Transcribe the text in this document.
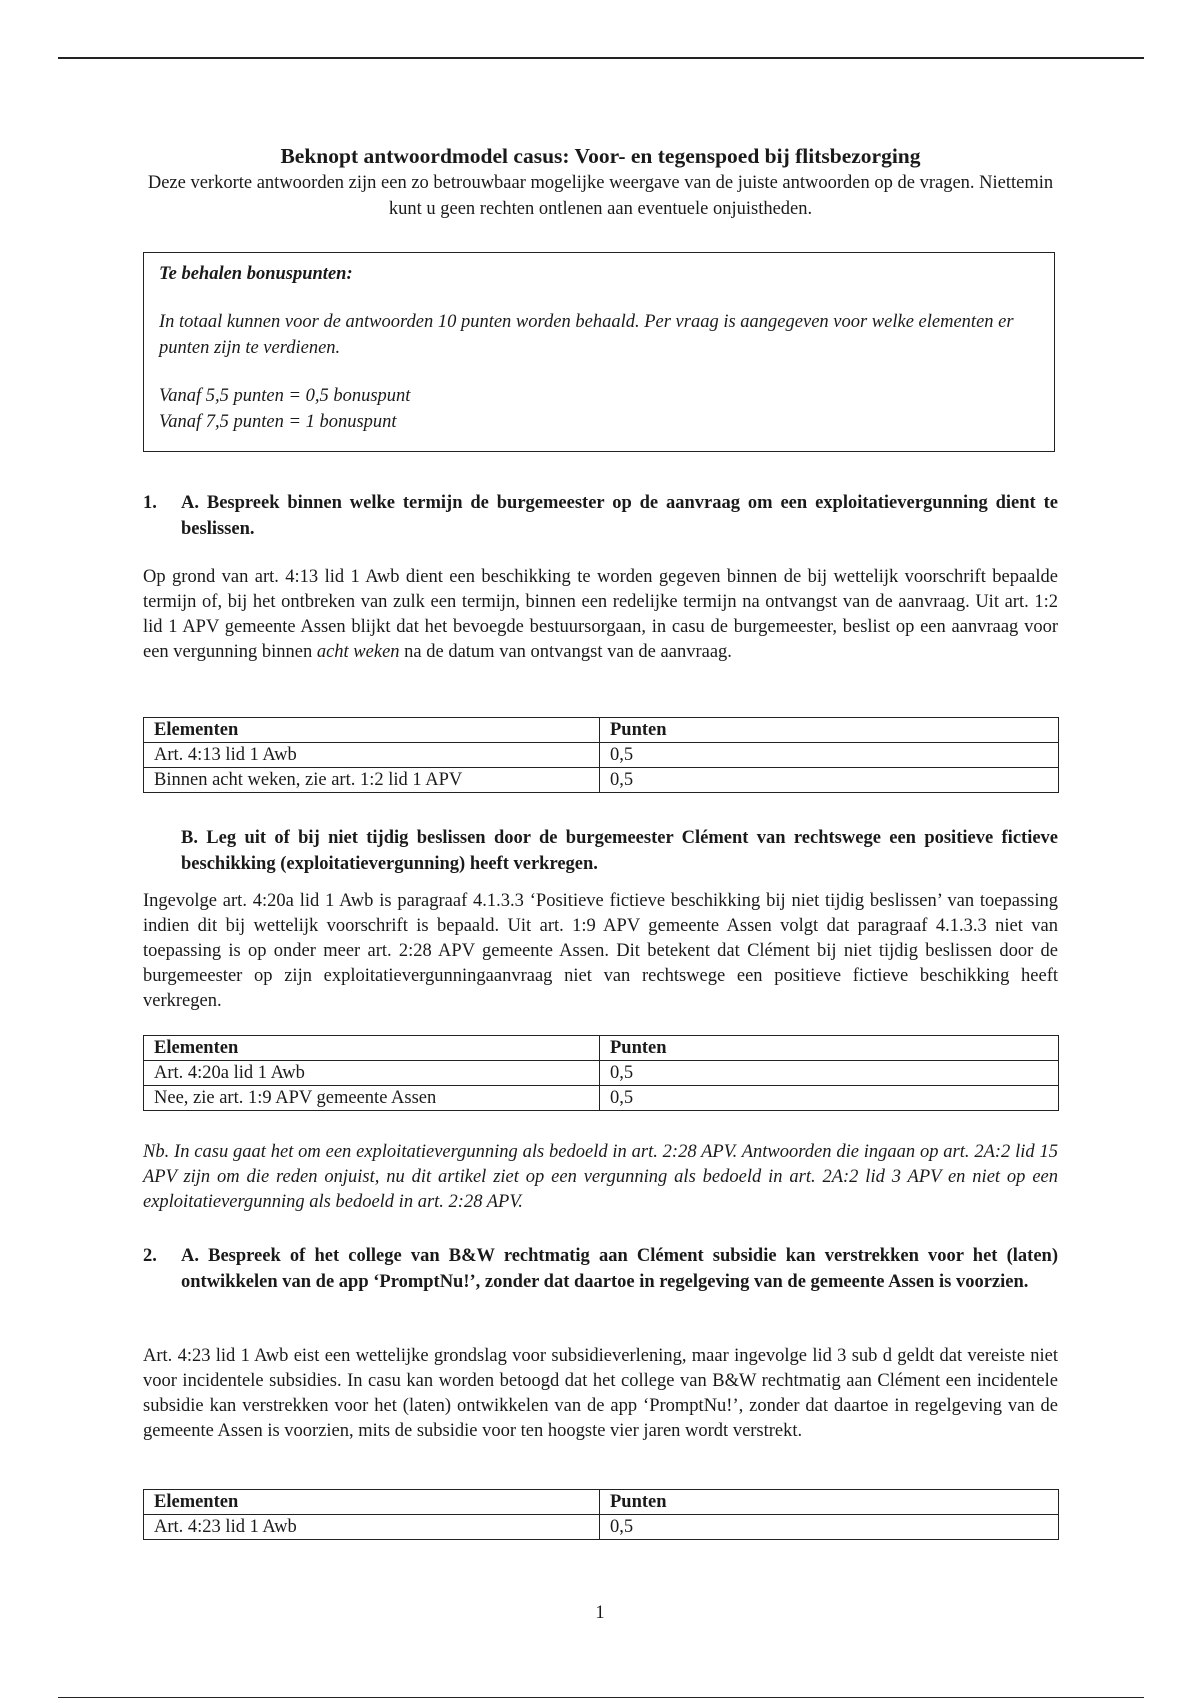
Beknopt antwoordmodel casus: Voor- en tegenspoed bij flitsbezorging
Deze verkorte antwoorden zijn een zo betrouwbaar mogelijke weergave van de juiste antwoorden op de vragen. Niettemin kunt u geen rechten ontlenen aan eventuele onjuistheden.

Te behalen bonuspunten:

In totaal kunnen voor de antwoorden 10 punten worden behaald. Per vraag is aangegeven voor welke elementen er punten zijn te verdienen.

Vanaf 5,5 punten = 0,5 bonuspunt

Vanaf 7,5 punten = 1 bonuspunt

1. A. Bespreek binnen welke termijn de burgemeester op de aanvraag om een exploitatievergunning dient te beslissen.
Op grond van art. 4:13 lid 1 Awb dient een beschikking te worden gegeven binnen de bij wettelijk voorschrift bepaalde termijn of, bij het ontbreken van zulk een termijn, binnen een redelijke termijn na ontvangst van de aanvraag. Uit art. 1:2 lid 1 APV gemeente Assen blijkt dat het bevoegde bestuursorgaan, in casu de burgemeester, beslist op een aanvraag voor een vergunning binnen acht weken na de datum van ontvangst van de aanvraag.
Elementen	Punten
Art. 4:13 lid 1 Awb	0,5
Binnen acht weken, zie art. 1:2 lid 1 APV	0,5
B. Leg uit of bij niet tijdig beslissen door de burgemeester Clément van rechtswege een positieve fictieve beschikking (exploitatievergunning) heeft verkregen.
Ingevolge art. 4:20a lid 1 Awb is paragraaf 4.1.3.3 ‘Positieve fictieve beschikking bij niet tijdig beslissen’ van toepassing indien dit bij wettelijk voorschrift is bepaald. Uit art. 1:9 APV gemeente Assen volgt dat paragraaf 4.1.3.3 niet van toepassing is op onder meer art. 2:28 APV gemeente Assen. Dit betekent dat Clément bij niet tijdig beslissen door de burgemeester op zijn exploitatievergunningaanvraag niet van rechtswege een positieve fictieve beschikking heeft verkregen.
Elementen	Punten
Art. 4:20a lid 1 Awb	0,5
Nee, zie art. 1:9 APV gemeente Assen	0,5
Nb. In casu gaat het om een exploitatievergunning als bedoeld in art. 2:28 APV. Antwoorden die ingaan op art. 2A:2 lid 15 APV zijn om die reden onjuist, nu dit artikel ziet op een vergunning als bedoeld in art. 2A:2 lid 3 APV en niet op een exploitatievergunning als bedoeld in art. 2:28 APV.
2. A. Bespreek of het college van B&W rechtmatig aan Clément subsidie kan verstrekken voor het (laten) ontwikkelen van de app ‘PromptNu!’, zonder dat daartoe in regelgeving van de gemeente Assen is voorzien.
Art. 4:23 lid 1 Awb eist een wettelijke grondslag voor subsidieverlening, maar ingevolge lid 3 sub d geldt dat vereiste niet voor incidentele subsidies. In casu kan worden betoogd dat het college van B&W rechtmatig aan Clément een incidentele subsidie kan verstrekken voor het (laten) ontwikkelen van de app ‘PromptNu!’, zonder dat daartoe in regelgeving van de gemeente Assen is voorzien, mits de subsidie voor ten hoogste vier jaren wordt verstrekt.
Elementen	Punten
Art. 4:23 lid 1 Awb	0,5
1
